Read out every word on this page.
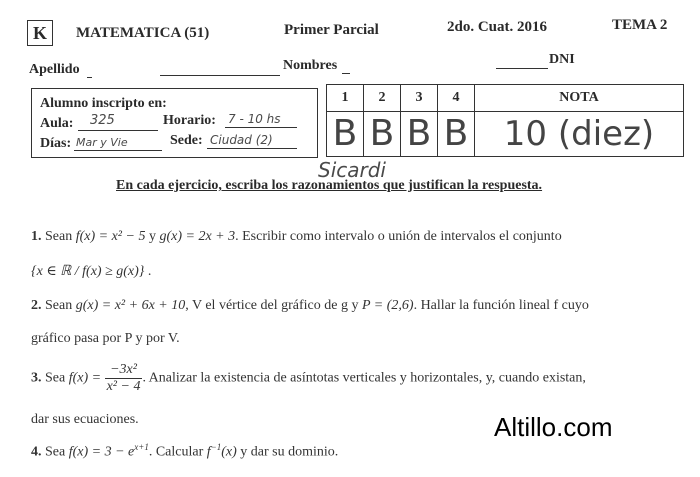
K	MATEMATICA (51)	Primer Parcial	2do. Cuat. 2016	TEMA 2
Apellido	Nombres	DNI
Alumno inscripto en:
Aula: 325	Horario: 7 - 10 hs
Días: Mar y Vie	Sede: Ciudad (2)
1	2	3	4	NOTA
B	B	B	B	10 (diez)
Sicardi
En cada ejercicio, escriba los razonamientos que justifican la respuesta.
1. Sean f(x) = x² − 5 y g(x) = 2x + 3. Escribir como intervalo o unión de intervalos el conjunto
{x ∈ ℝ / f(x) ≥ g(x)} .
2. Sean g(x) = x² + 6x + 10, V el vértice del gráfico de g y P = (2,6). Hallar la función lineal f cuyo
gráfico pasa por P y por V.
3. Sea $f(x) = \frac{\text{−3x²}}{\text{x² − 4}}$ . Analizar la existencia de asíntotas verticales y horizontales, y, cuando existan,
dar sus ecuaciones.
4. Sea $f(x) = 3 - e^{x+1}$. Calcular $f^{-1}(x)$ y dar su dominio.
Altillo.com
